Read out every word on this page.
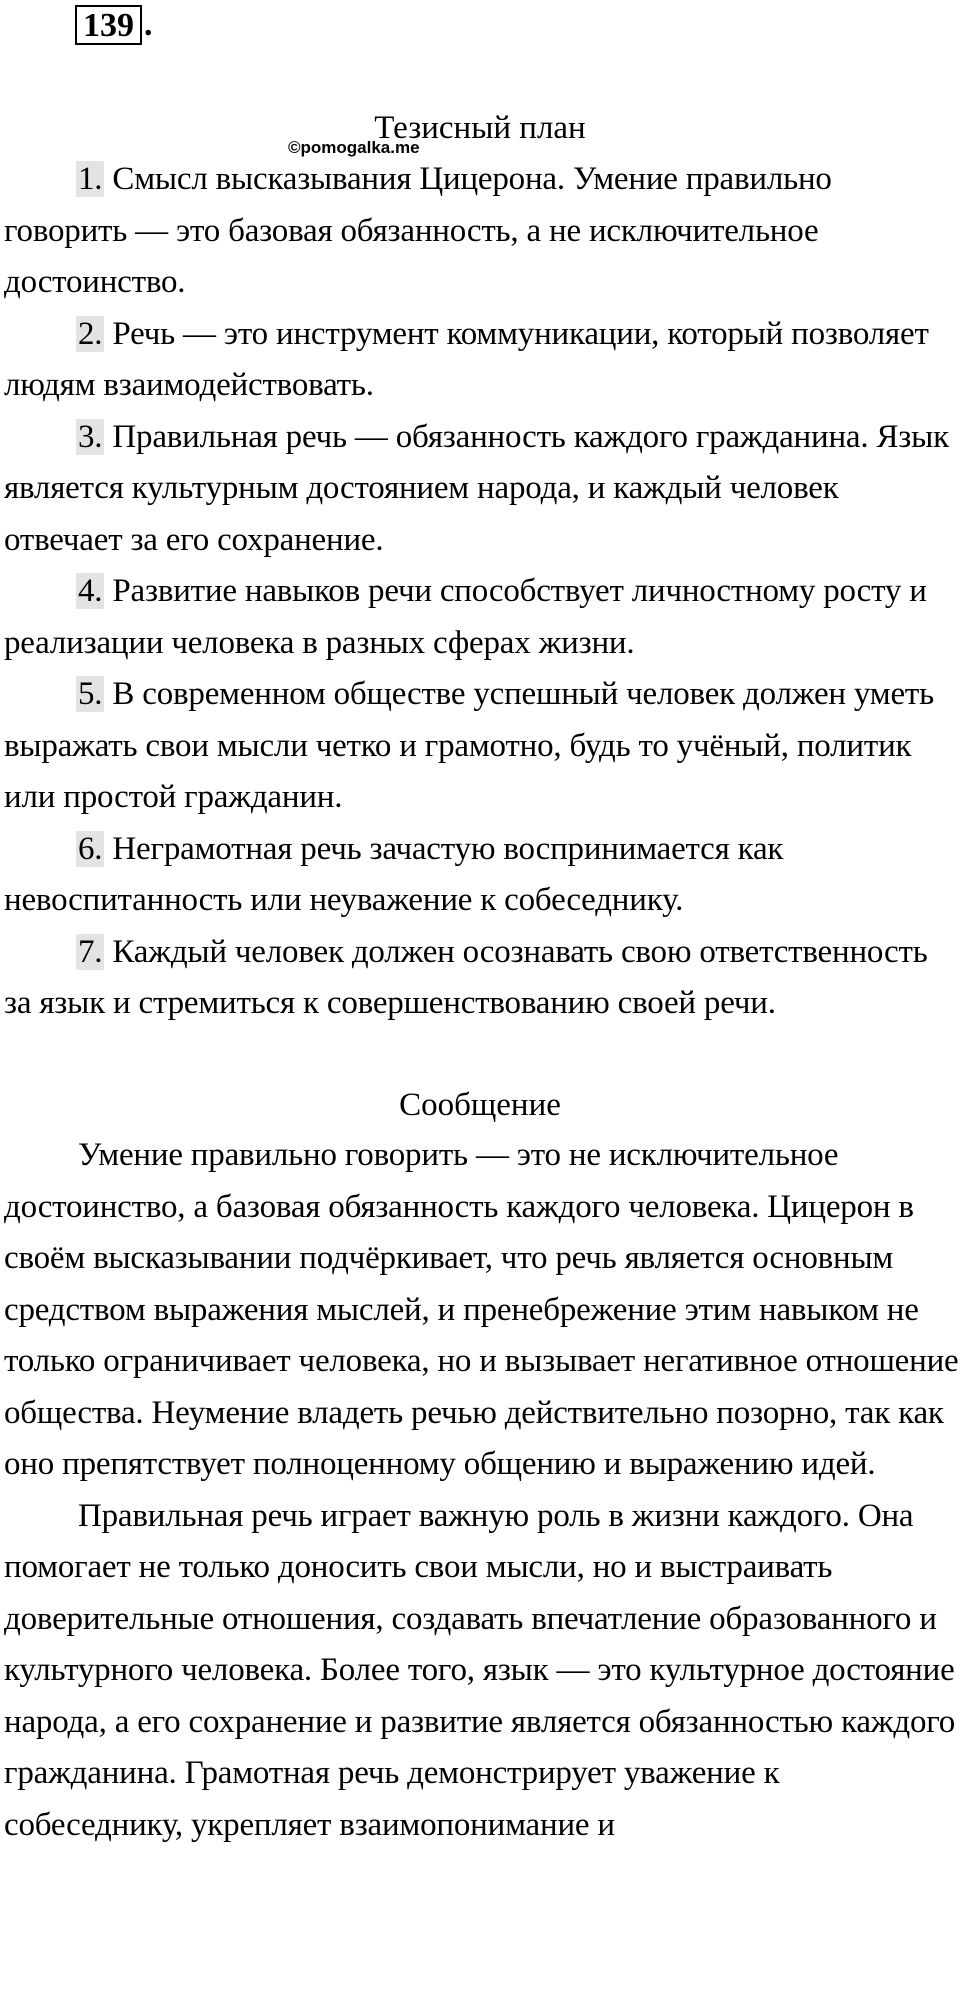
139 .
Тезисный план
©pomogalka.me

1. Смысл высказывания Цицерона. Умение правильно говорить — это базовая обязанность, а не исключительное достоинство.

2. Речь — это инструмент коммуникации, который позволяет людям взаимодействовать.

3. Правильная речь — обязанность каждого гражданина. Язык является культурным достоянием народа, и каждый человек отвечает за его сохранение.

4. Развитие навыков речи способствует личностному росту и реализации человека в разных сферах жизни.

5. В современном обществе успешный человек должен уметь выражать свои мысли четко и грамотно, будь то учёный, политик или простой гражданин.

6. Неграмотная речь зачастую воспринимается как невоспитанность или неуважение к собеседнику.

7. Каждый человек должен осознавать свою ответственность за язык и стремиться к совершенствованию своей речи.

Сообщение

Умение правильно говорить — это не исключительное достоинство, а базовая обязанность каждого человека. Цицерон в своём высказывании подчёркивает, что речь является основным средством выражения мыслей, и пренебрежение этим навыком не только ограничивает человека, но и вызывает негативное отношение общества. Неумение владеть речью действительно позорно, так как оно препятствует полноценному общению и выражению идей.

Правильная речь играет важную роль в жизни каждого. Она помогает не только доносить свои мысли, но и выстраивать доверительные отношения, создавать впечатление образованного и культурного человека. Более того, язык — это культурное достояние народа, а его сохранение и развитие является обязанностью каждого гражданина. Грамотная речь демонстрирует уважение к собеседнику, укрепляет взаимопонимание и
